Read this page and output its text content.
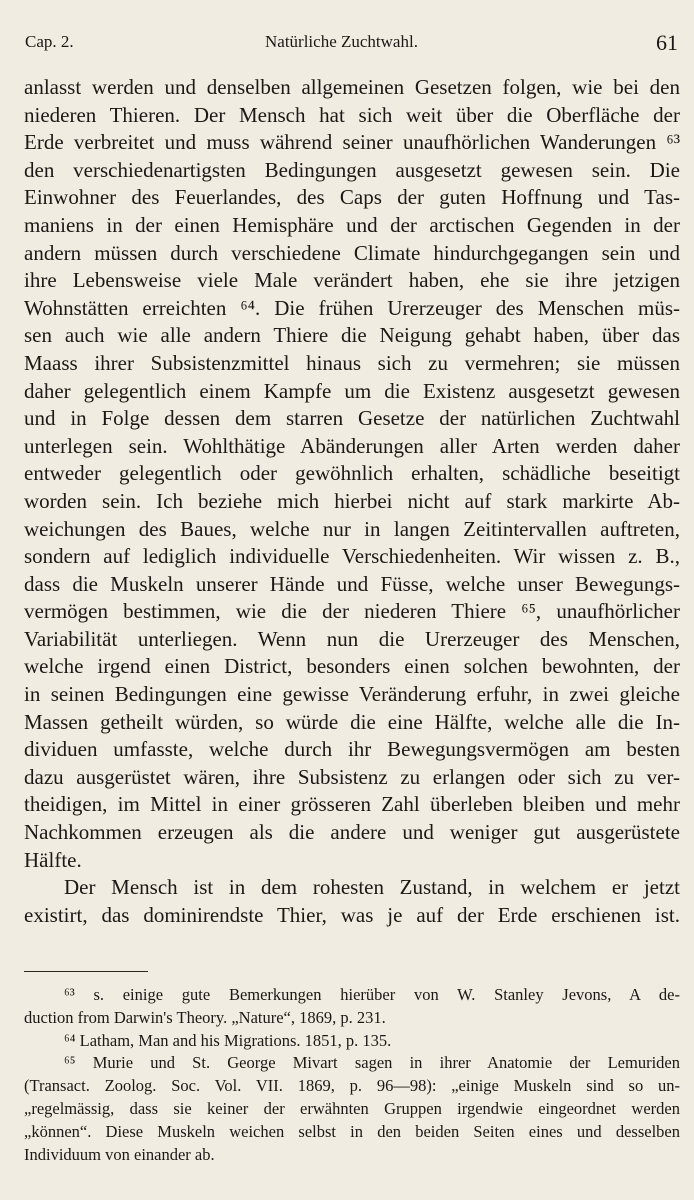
Cap. 2.	Natürliche Zuchtwahl.	61
anlasst werden und denselben allgemeinen Gesetzen folgen, wie bei den
niederen Thieren. Der Mensch hat sich weit über die Oberfläche der
Erde verbreitet und muss während seiner unaufhörlichen Wanderungen ⁶³
den verschiedenartigsten Bedingungen ausgesetzt gewesen sein. Die
Einwohner des Feuerlandes, des Caps der guten Hoffnung und Tas-
maniens in der einen Hemisphäre und der arctischen Gegenden in der
andern müssen durch verschiedene Climate hindurchgegangen sein und
ihre Lebensweise viele Male verändert haben, ehe sie ihre jetzigen
Wohnstätten erreichten ⁶⁴. Die frühen Urerzeuger des Menschen müs-
sen auch wie alle andern Thiere die Neigung gehabt haben, über das
Maass ihrer Subsistenzmittel hinaus sich zu vermehren; sie müssen
daher gelegentlich einem Kampfe um die Existenz ausgesetzt gewesen
und in Folge dessen dem starren Gesetze der natürlichen Zuchtwahl
unterlegen sein. Wohlthätige Abänderungen aller Arten werden daher
entweder gelegentlich oder gewöhnlich erhalten, schädliche beseitigt
worden sein. Ich beziehe mich hierbei nicht auf stark markirte Ab-
weichungen des Baues, welche nur in langen Zeitintervallen auftreten,
sondern auf lediglich individuelle Verschiedenheiten. Wir wissen z. B.,
dass die Muskeln unserer Hände und Füsse, welche unser Bewegungs-
vermögen bestimmen, wie die der niederen Thiere ⁶⁵, unaufhörlicher
Variabilität unterliegen. Wenn nun die Urerzeuger des Menschen,
welche irgend einen District, besonders einen solchen bewohnten, der
in seinen Bedingungen eine gewisse Veränderung erfuhr, in zwei gleiche
Massen getheilt würden, so würde die eine Hälfte, welche alle die In-
dividuen umfasste, welche durch ihr Bewegungsvermögen am besten
dazu ausgerüstet wären, ihre Subsistenz zu erlangen oder sich zu ver-
theidigen, im Mittel in einer grösseren Zahl überleben bleiben und mehr
Nachkommen erzeugen als die andere und weniger gut ausgerüstete
Hälfte.
Der Mensch ist in dem rohesten Zustand, in welchem er jetzt
existirt, das dominirendste Thier, was je auf der Erde erschienen ist.
⁶³ s. einige gute Bemerkungen hierüber von W. Stanley Jevons, A de-
duction from Darwin's Theory. „Nature“, 1869, p. 231.
⁶⁴ Latham, Man and his Migrations. 1851, p. 135.
⁶⁵ Murie und St. George Mivart sagen in ihrer Anatomie der Lemuriden
(Transact. Zoolog. Soc. Vol. VII. 1869, p. 96—98): „einige Muskeln sind so un-
„regelmässig, dass sie keiner der erwähnten Gruppen irgendwie eingeordnet werden
„können“. Diese Muskeln weichen selbst in den beiden Seiten eines und desselben
Individuum von einander ab.
